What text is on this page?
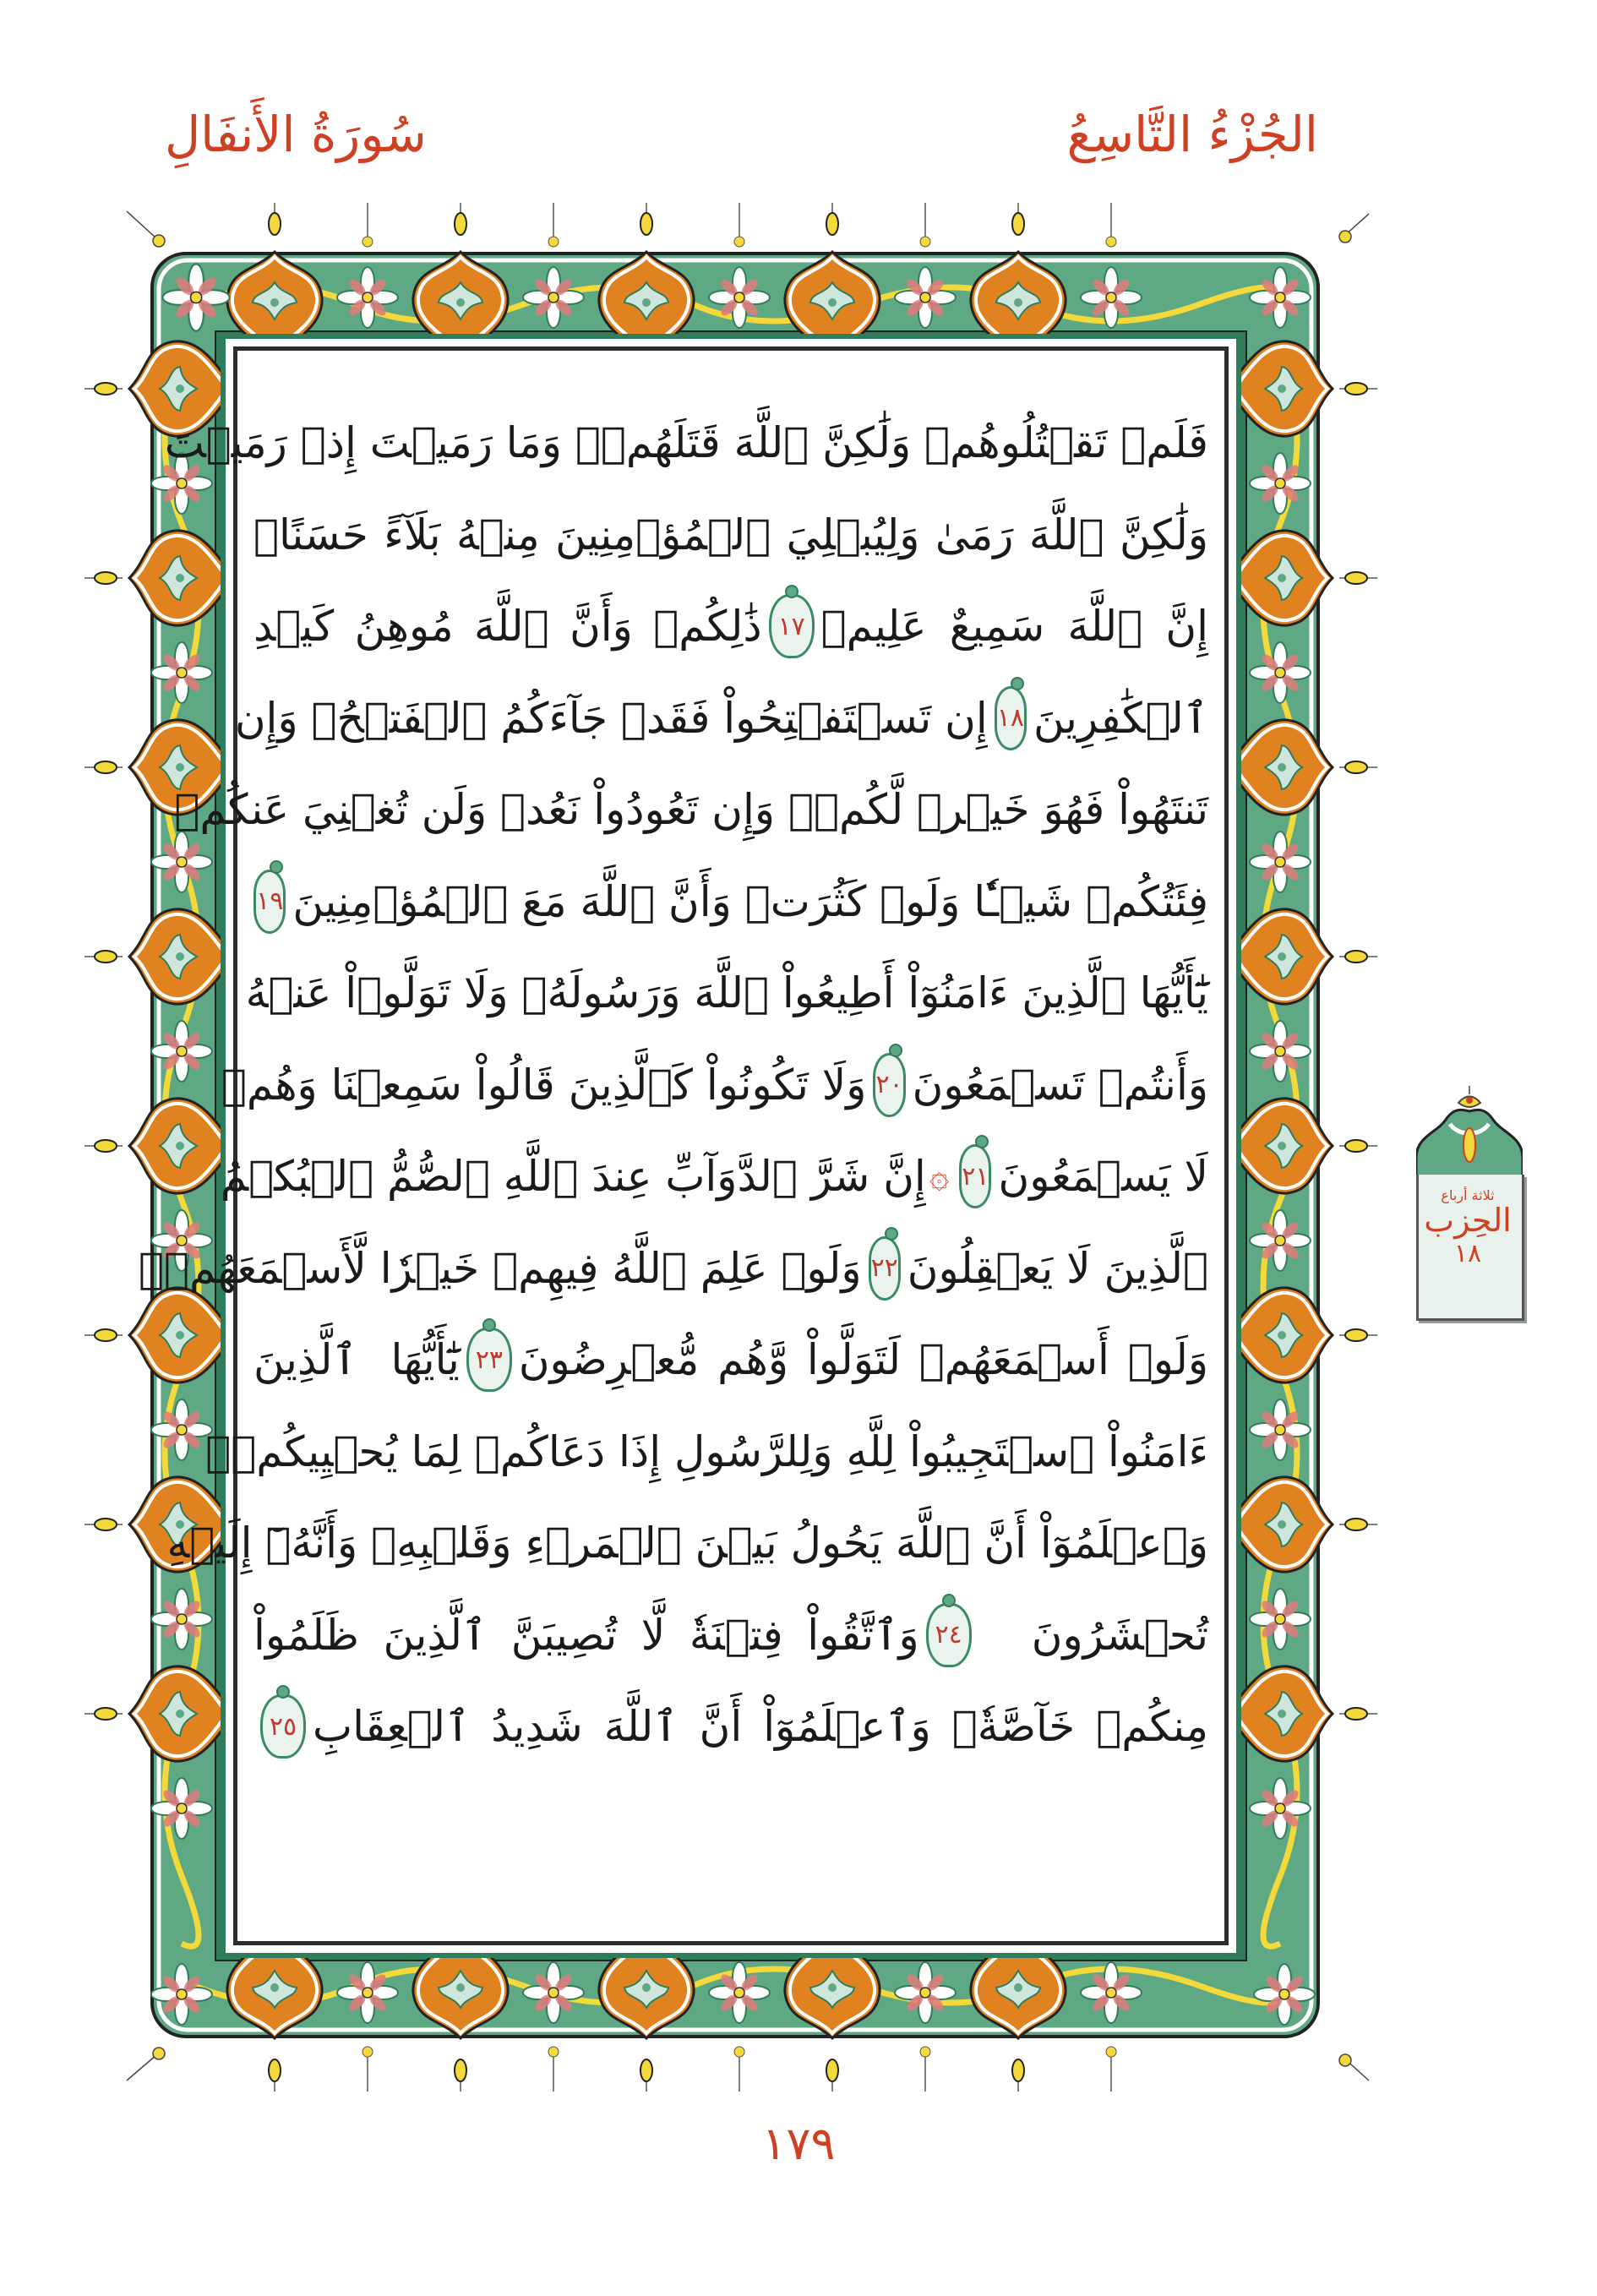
سُورَةُ الأَنفَالِ	الجُزْءُ التَّاسِعُ
فَلَمۡ تَقۡتُلُوهُمۡ وَلَٰكِنَّ ٱللَّهَ قَتَلَهُمۡۚ وَمَا رَمَيۡتَ إِذۡ رَمَيۡتَ
وَلَٰكِنَّ ٱللَّهَ رَمَىٰ وَلِيُبۡلِيَ ٱلۡمُؤۡمِنِينَ مِنۡهُ بَلَآءً حَسَنًاۚ
إِنَّ ٱللَّهَ سَمِيعٌ عَلِيمٞ
١٧
ذَٰلِكُمۡ وَأَنَّ ٱللَّهَ مُوهِنُ كَيۡدِ
ٱلۡكَٰفِرِينَ
١٨
إِن تَسۡتَفۡتِحُواْ فَقَدۡ جَآءَكُمُ ٱلۡفَتۡحُۖ وَإِن
تَنتَهُواْ فَهُوَ خَيۡرٞ لَّكُمۡۖ وَإِن تَعُودُواْ نَعُدۡ وَلَن تُغۡنِيَ عَنكُمۡ
فِئَتُكُمۡ شَيۡـٔٗا وَلَوۡ كَثُرَتۡ وَأَنَّ ٱللَّهَ مَعَ ٱلۡمُؤۡمِنِينَ
١٩
يَٰٓأَيُّهَا ٱلَّذِينَ ءَامَنُوٓاْ أَطِيعُواْ ٱللَّهَ وَرَسُولَهُۥ وَلَا تَوَلَّوۡاْ عَنۡهُ
وَأَنتُمۡ تَسۡمَعُونَ
٢٠
وَلَا تَكُونُواْ كَٱلَّذِينَ قَالُواْ سَمِعۡنَا وَهُمۡ
لَا يَسۡمَعُونَ
٢١
۞
إِنَّ شَرَّ ٱلدَّوَآبِّ عِندَ ٱللَّهِ ٱلصُّمُّ ٱلۡبُكۡمُ
ٱلَّذِينَ لَا يَعۡقِلُونَ
٢٢
وَلَوۡ عَلِمَ ٱللَّهُ فِيهِمۡ خَيۡرٗا لَّأَسۡمَعَهُمۡۖ
وَلَوۡ أَسۡمَعَهُمۡ لَتَوَلَّواْ وَّهُم مُّعۡرِضُونَ
٢٣
يَٰٓأَيُّهَا ٱلَّذِينَ
ءَامَنُواْ ٱسۡتَجِيبُواْ لِلَّهِ وَلِلرَّسُولِ إِذَا دَعَاكُمۡ لِمَا يُحۡيِيكُمۡۖ
وَٱعۡلَمُوٓاْ أَنَّ ٱللَّهَ يَحُولُ بَيۡنَ ٱلۡمَرۡءِ وَقَلۡبِهِۦ وَأَنَّهُۥٓ إِلَيۡهِ
تُحۡشَرُونَ
٢٤
وَٱتَّقُواْ فِتۡنَةٗ لَّا تُصِيبَنَّ ٱلَّذِينَ ظَلَمُواْ
مِنكُمۡ خَآصَّةٗۖ وَٱعۡلَمُوٓاْ أَنَّ ٱللَّهَ شَدِيدُ ٱلۡعِقَابِ
٢٥
ثلاثة أرباع
الحِزب
١٨
١٧٩
